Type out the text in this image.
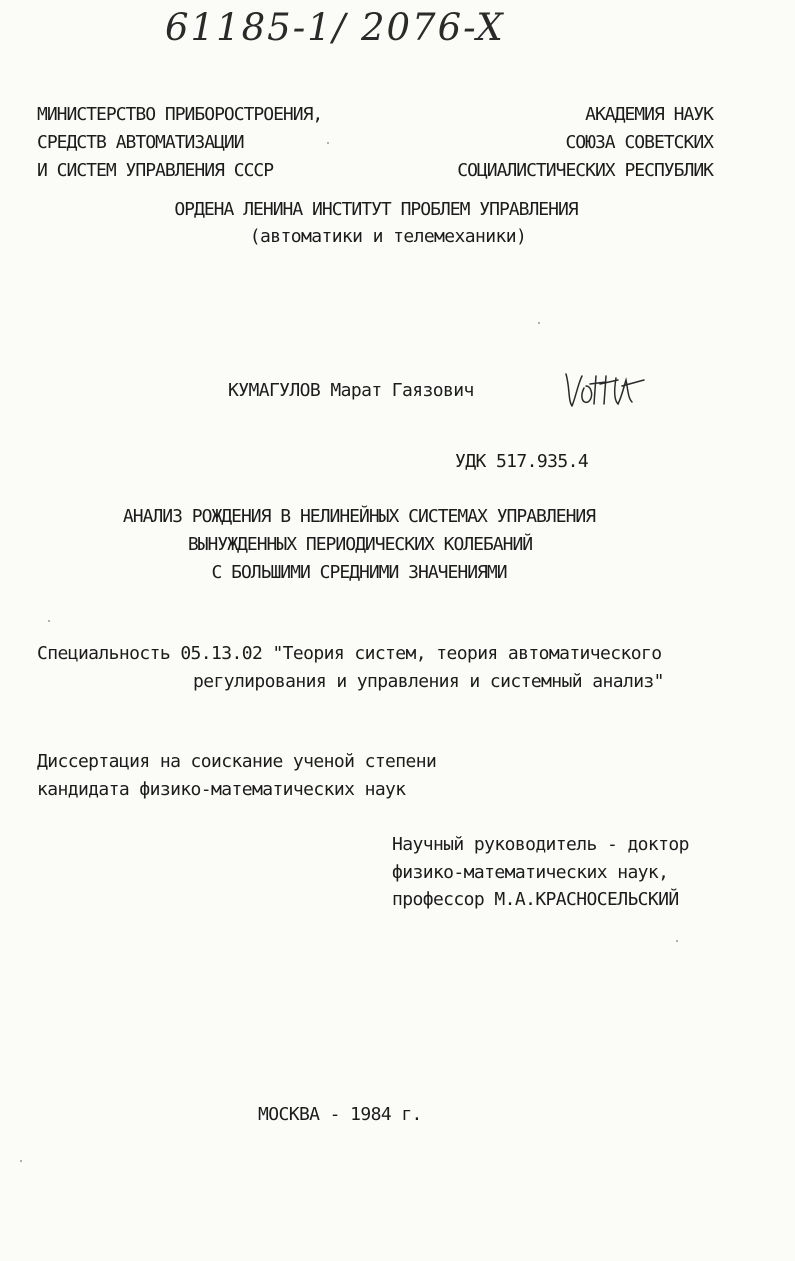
61185-1/ 2076-X
МИНИСТЕРСТВО ПРИБОРОСТРОЕНИЯ,
СРЕДСТВ АВТОМАТИЗАЦИИ
И СИСТЕМ УПРАВЛЕНИЯ СССР
АКАДЕМИЯ НАУК
СОЮЗА СОВЕТСКИХ
СОЦИАЛИСТИЧЕСКИХ РЕСПУБЛИК
ОРДЕНА ЛЕНИНА ИНСТИТУТ ПРОБЛЕМ УПРАВЛЕНИЯ
(автоматики и телемеханики)
КУМАГУЛОВ Марат Гаязович
УДК 517.935.4
АНАЛИЗ РОЖДЕНИЯ В НЕЛИНЕЙНЫХ СИСТЕМАХ УПРАВЛЕНИЯ
ВЫНУЖДЕННЫХ ПЕРИОДИЧЕСКИХ КОЛЕБАНИЙ
С БОЛЬШИМИ СРЕДНИМИ ЗНАЧЕНИЯМИ
Специальность 05.13.02 "Теория систем, теория автоматического
регулирования и управления и системный анализ"
Диссертация на соискание ученой степени
кандидата физико-математических наук
Научный руководитель - доктор
физико-математических наук,
профессор М.А.КРАСНОСЕЛЬСКИЙ
МОСКВА - 1984 г.
